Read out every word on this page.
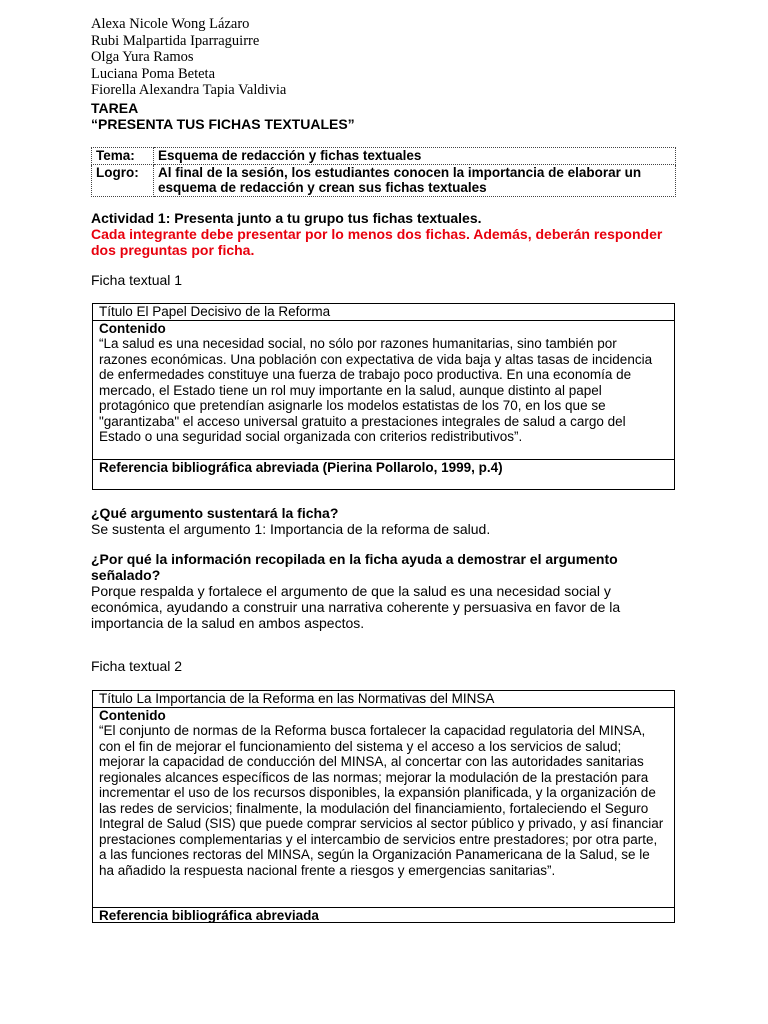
Alexa Nicole Wong Lázaro
Rubi Malpartida Iparraguirre
Olga Yura Ramos
Luciana Poma Beteta
Fiorella Alexandra Tapia Valdivia
TAREA
“PRESENTA TUS FICHAS TEXTUALES”
Tema:	Esquema de redacción y fichas textuales
Logro:	Al final de la sesión, los estudiantes conocen la importancia de elaborar un esquema de redacción y crean sus fichas textuales
Actividad 1: Presenta junto a tu grupo tus fichas textuales.
Cada integrante debe presentar por lo menos dos fichas. Además, deberán responder dos preguntas por ficha.
Ficha textual 1
Título El Papel Decisivo de la Reforma
Contenido
“La salud es una necesidad social, no sólo por razones humanitarias, sino también por razones económicas. Una población con expectativa de vida baja y altas tasas de incidencia de enfermedades constituye una fuerza de trabajo poco productiva. En una economía de mercado, el Estado tiene un rol muy importante en la salud, aunque distinto al papel protagónico que pretendían asignarle los modelos estatistas de los 70, en los que se "garantizaba" el acceso universal gratuito a prestaciones integrales de salud a cargo del Estado o una seguridad social organizada con criterios redistributivos”.
Referencia bibliográfica abreviada (Pierina Pollarolo, 1999, p.4)
¿Qué argumento sustentará la ficha?
Se sustenta el argumento 1: Importancia de la reforma de salud.
¿Por qué la información recopilada en la ficha ayuda a demostrar el argumento señalado?
Porque respalda y fortalece el argumento de que la salud es una necesidad social y económica, ayudando a construir una narrativa coherente y persuasiva en favor de la importancia de la salud en ambos aspectos.
Ficha textual 2
Título La Importancia de la Reforma en las Normativas del MINSA
Contenido
“El conjunto de normas de la Reforma busca fortalecer la capacidad regulatoria del MINSA, con el fin de mejorar el funcionamiento del sistema y el acceso a los servicios de salud; mejorar la capacidad de conducción del MINSA, al concertar con las autoridades sanitarias regionales alcances específicos de las normas; mejorar la modulación de la prestación para incrementar el uso de los recursos disponibles, la expansión planificada, y la organización de las redes de servicios; finalmente, la modulación del financiamiento, fortaleciendo el Seguro Integral de Salud (SIS) que puede comprar servicios al sector público y privado, y así financiar prestaciones complementarias y el intercambio de servicios entre prestadores; por otra parte, a las funciones rectoras del MINSA, según la Organización Panamericana de la Salud, se le ha añadido la respuesta nacional frente a riesgos y emergencias sanitarias”.
Referencia bibliográfica abreviada
